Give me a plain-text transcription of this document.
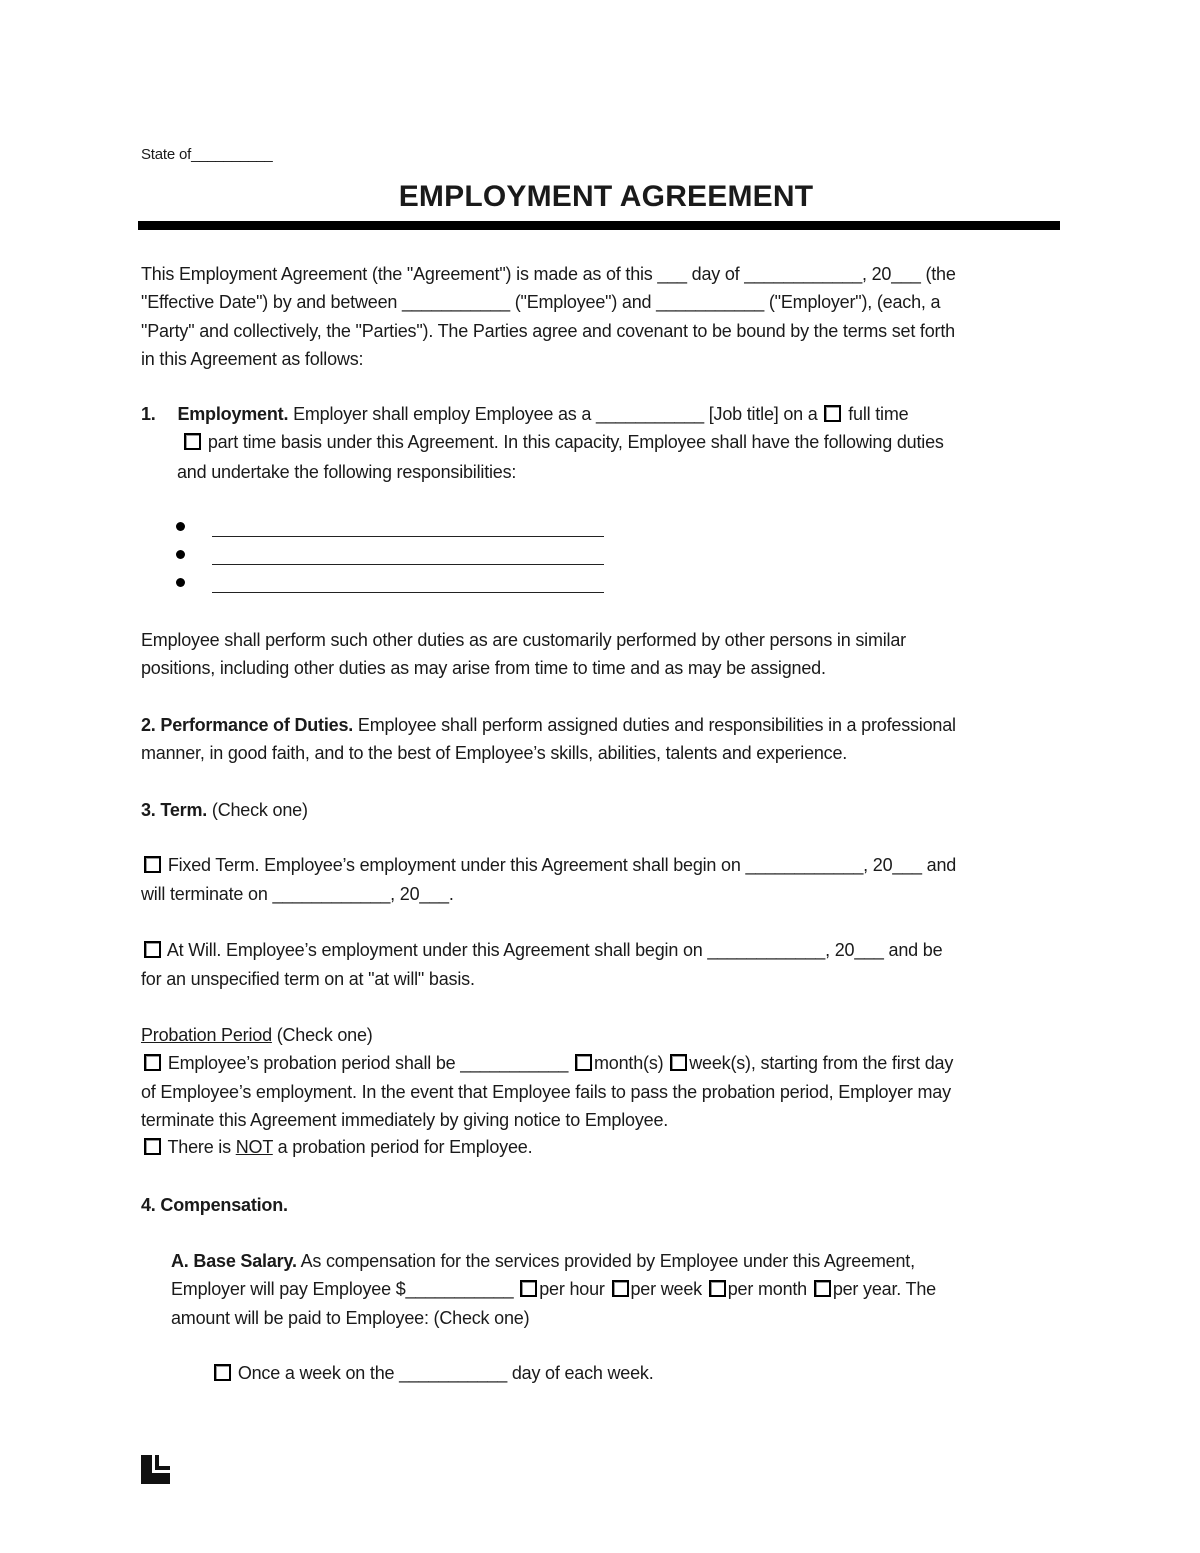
State of__________
EMPLOYMENT AGREEMENT
This Employment Agreement (the "Agreement") is made as of this ___ day of ____________, 20___ (the
"Effective Date") by and between ___________ ("Employee") and ___________ ("Employer"), (each, a
"Party" and collectively, the "Parties"). The Parties agree and covenant to be bound by the terms set forth
in this Agreement as follows:
1. Employment. Employer shall employ Employee as a ___________ [Job title] on a full time
part time basis under this Agreement. In this capacity, Employee shall have the following duties
and undertake the following responsibilities:
Employee shall perform such other duties as are customarily performed by other persons in similar
positions, including other duties as may arise from time to time and as may be assigned.
2. Performance of Duties. Employee shall perform assigned duties and responsibilities in a professional
manner, in good faith, and to the best of Employee’s skills, abilities, talents and experience.
3. Term. (Check one)
Fixed Term. Employee’s employment under this Agreement shall begin on ____________, 20___ and
will terminate on ____________, 20___.
At Will. Employee’s employment under this Agreement shall begin on ____________, 20___ and be
for an unspecified term on at "at will" basis.
Probation Period (Check one)
Employee’s probation period shall be ___________ month(s) week(s), starting from the first day
of Employee’s employment. In the event that Employee fails to pass the probation period, Employer may
terminate this Agreement immediately by giving notice to Employee.
There is NOT a probation period for Employee.
4. Compensation.
A. Base Salary. As compensation for the services provided by Employee under this Agreement,
Employer will pay Employee $___________ per hour per week per month per year. The
amount will be paid to Employee: (Check one)
Once a week on the ___________ day of each week.
